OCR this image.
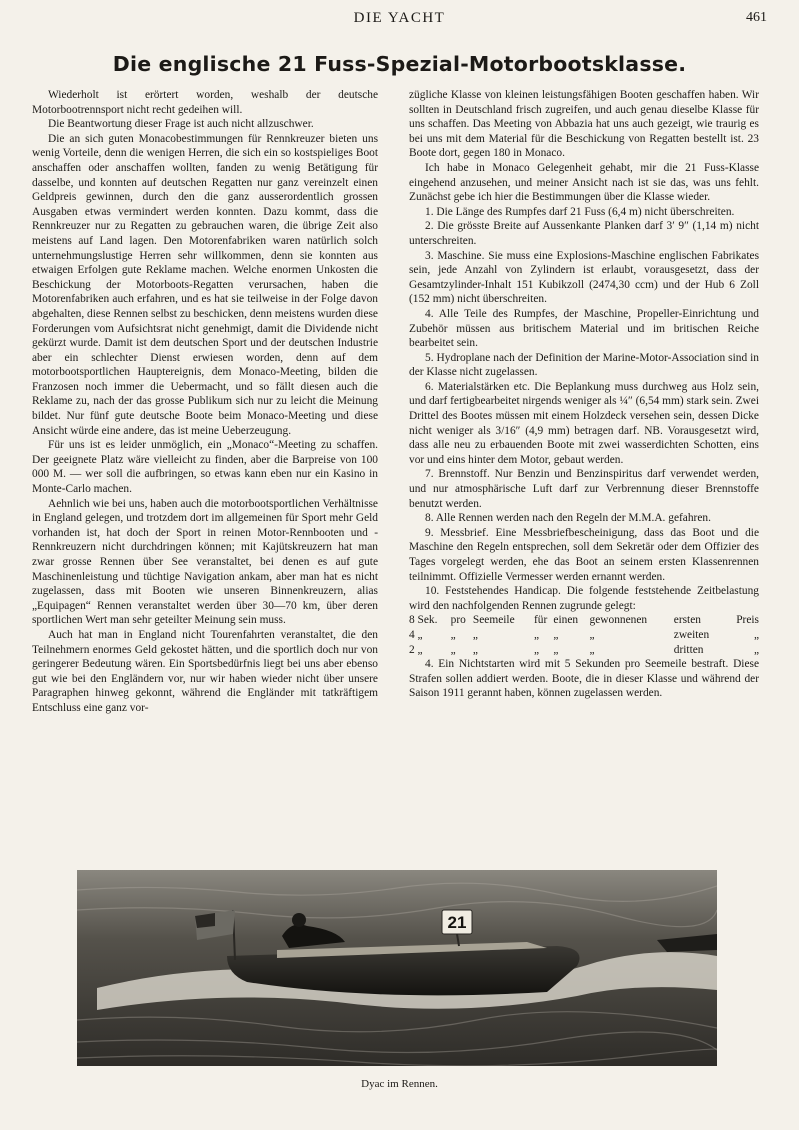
DIE YACHT	461
Die englische 21 Fuss-Spezial-Motorbootsklasse.

Wiederholt ist erörtert worden, weshalb der deutsche Motorbootrennsport nicht recht gedeihen will.

Die Beantwortung dieser Frage ist auch nicht allzuschwer.

Die an sich guten Monacobestimmungen für Rennkreuzer bieten uns wenig Vorteile, denn die wenigen Herren, die sich ein so kostspieliges Boot anschaffen oder anschaffen wollten, fanden zu wenig Betätigung für dasselbe, und konnten auf deutschen Regatten nur ganz vereinzelt einen Geldpreis gewinnen, durch den die ganz ausserordentlich grossen Ausgaben etwas vermindert werden konnten. Dazu kommt, dass die Rennkreuzer nur zu Regatten zu gebrauchen waren, die übrige Zeit also meistens auf Land lagen. Den Motorenfabriken waren natürlich solch unternehmungslustige Herren sehr willkommen, denn sie konnten aus etwaigen Erfolgen gute Reklame machen. Welche enormen Unkosten die Beschickung der Motorboots-Regatten verursachen, haben die Motorenfabriken auch erfahren, und es hat sie teilweise in der Folge davon abgehalten, diese Rennen selbst zu beschicken, denn meistens wurden diese Forderungen vom Aufsichtsrat nicht genehmigt, damit die Dividende nicht gekürzt wurde. Damit ist dem deutschen Sport und der deutschen Industrie aber ein schlechter Dienst erwiesen worden, denn auf dem motorbootsportlichen Hauptereignis, dem Monaco-Meeting, bilden die Franzosen noch immer die Uebermacht, und so fällt diesen auch die Reklame zu, nach der das grosse Publikum sich nur zu leicht die Meinung bildet. Nur fünf gute deutsche Boote beim Monaco-Meeting und diese Ansicht würde eine andere, das ist meine Ueberzeugung.

Für uns ist es leider unmöglich, ein „Monaco“-Meeting zu schaffen. Der geeignete Platz wäre vielleicht zu finden, aber die Barpreise von 100 000 M. — wer soll die aufbringen, so etwas kann eben nur ein Kasino in Monte-Carlo machen.

Aehnlich wie bei uns, haben auch die motorbootsportlichen Verhältnisse in England gelegen, und trotzdem dort im allgemeinen für Sport mehr Geld vorhanden ist, hat doch der Sport in reinen Motor-Rennbooten und -Rennkreuzern nicht durchdringen können; mit Kajütskreuzern hat man zwar grosse Rennen über See veranstaltet, bei denen es auf gute Maschinenleistung und tüchtige Navigation ankam, aber man hat es nicht zugelassen, dass mit Booten wie unseren Binnenkreuzern, alias „Equipagen“ Rennen veranstaltet werden über 30—70 km, über deren sportlichen Wert man sehr geteilter Meinung sein muss.

Auch hat man in England nicht Tourenfahrten veranstaltet, die den Teilnehmern enormes Geld gekostet hätten, und die sportlich doch nur von geringerer Bedeutung wären. Ein Sportsbedürfnis liegt bei uns aber ebenso gut wie bei den Engländern vor, nur wir haben wieder nicht über unsere Paragraphen hinweg gekonnt, während die Engländer mit tatkräftigem Entschluss eine ganz vor-

zügliche Klasse von kleinen leistungsfähigen Booten geschaffen haben. Wir sollten in Deutschland frisch zugreifen, und auch genau dieselbe Klasse für uns schaffen. Das Meeting von Abbazia hat uns auch gezeigt, wie traurig es bei uns mit dem Material für die Beschickung von Regatten bestellt ist. 23 Boote dort, gegen 180 in Monaco.

Ich habe in Monaco Gelegenheit gehabt, mir die 21 Fuss-Klasse eingehend anzusehen, und meiner Ansicht nach ist sie das, was uns fehlt. Zunächst gebe ich hier die Bestimmungen über die Klasse wieder.

1. Die Länge des Rumpfes darf 21 Fuss (6,4 m) nicht überschreiten.

2. Die grösste Breite auf Aussenkante Planken darf 3′ 9″ (1,14 m) nicht unterschreiten.

3. Maschine. Sie muss eine Explosions-Maschine englischen Fabrikates sein, jede Anzahl von Zylindern ist erlaubt, vorausgesetzt, dass der Gesamtzylinder-Inhalt 151 Kubikzoll (2474,30 ccm) und der Hub 6 Zoll (152 mm) nicht überschreiten.

4. Alle Teile des Rumpfes, der Maschine, Propeller-Einrichtung und Zubehör müssen aus britischem Material und im britischen Reiche bearbeitet sein.

5. Hydroplane nach der Definition der Marine-Motor-Association sind in der Klasse nicht zugelassen.

6. Materialstärken etc. Die Beplankung muss durchweg aus Holz sein, und darf fertigbearbeitet nirgends weniger als ¼″ (6,54 mm) stark sein. Zwei Drittel des Bootes müssen mit einem Holzdeck versehen sein, dessen Dicke nicht weniger als 3/16″ (4,9 mm) betragen darf. NB. Vorausgesetzt wird, dass alle neu zu erbauenden Boote mit zwei wasserdichten Schotten, eins vor und eins hinter dem Motor, gebaut werden.

7. Brennstoff. Nur Benzin und Benzinspiritus darf verwendet werden, und nur atmosphärische Luft darf zur Verbrennung dieser Brennstoffe benutzt werden.

8. Alle Rennen werden nach den Regeln der M.M.A. gefahren.

9. Messbrief. Eine Messbriefbescheinigung, dass das Boot und die Maschine den Regeln entsprechen, soll dem Sekretär oder dem Offizier des Tages vorgelegt werden, ehe das Boot an seinem ersten Klassenrennen teilnimmt. Offizielle Vermesser werden ernannt werden.

10. Feststehendes Handicap. Die folgende feststehende Zeitbelastung wird den nachfolgenden Rennen zugrunde gelegt:

8 Sek.	pro	Seemeile	für	einen	gewonnenen	ersten	Preis
4 „	„	„	„	„	„	zweiten	„
2 „	„	„	„	„	„	dritten	„

4. Ein Nichtstarten wird mit 5 Sekunden pro Seemeile bestraft. Diese Strafen sollen addiert werden. Boote, die in dieser Klasse und während der Saison 1911 gerannt haben, können zugelassen werden.

21
Dyac im Rennen.
